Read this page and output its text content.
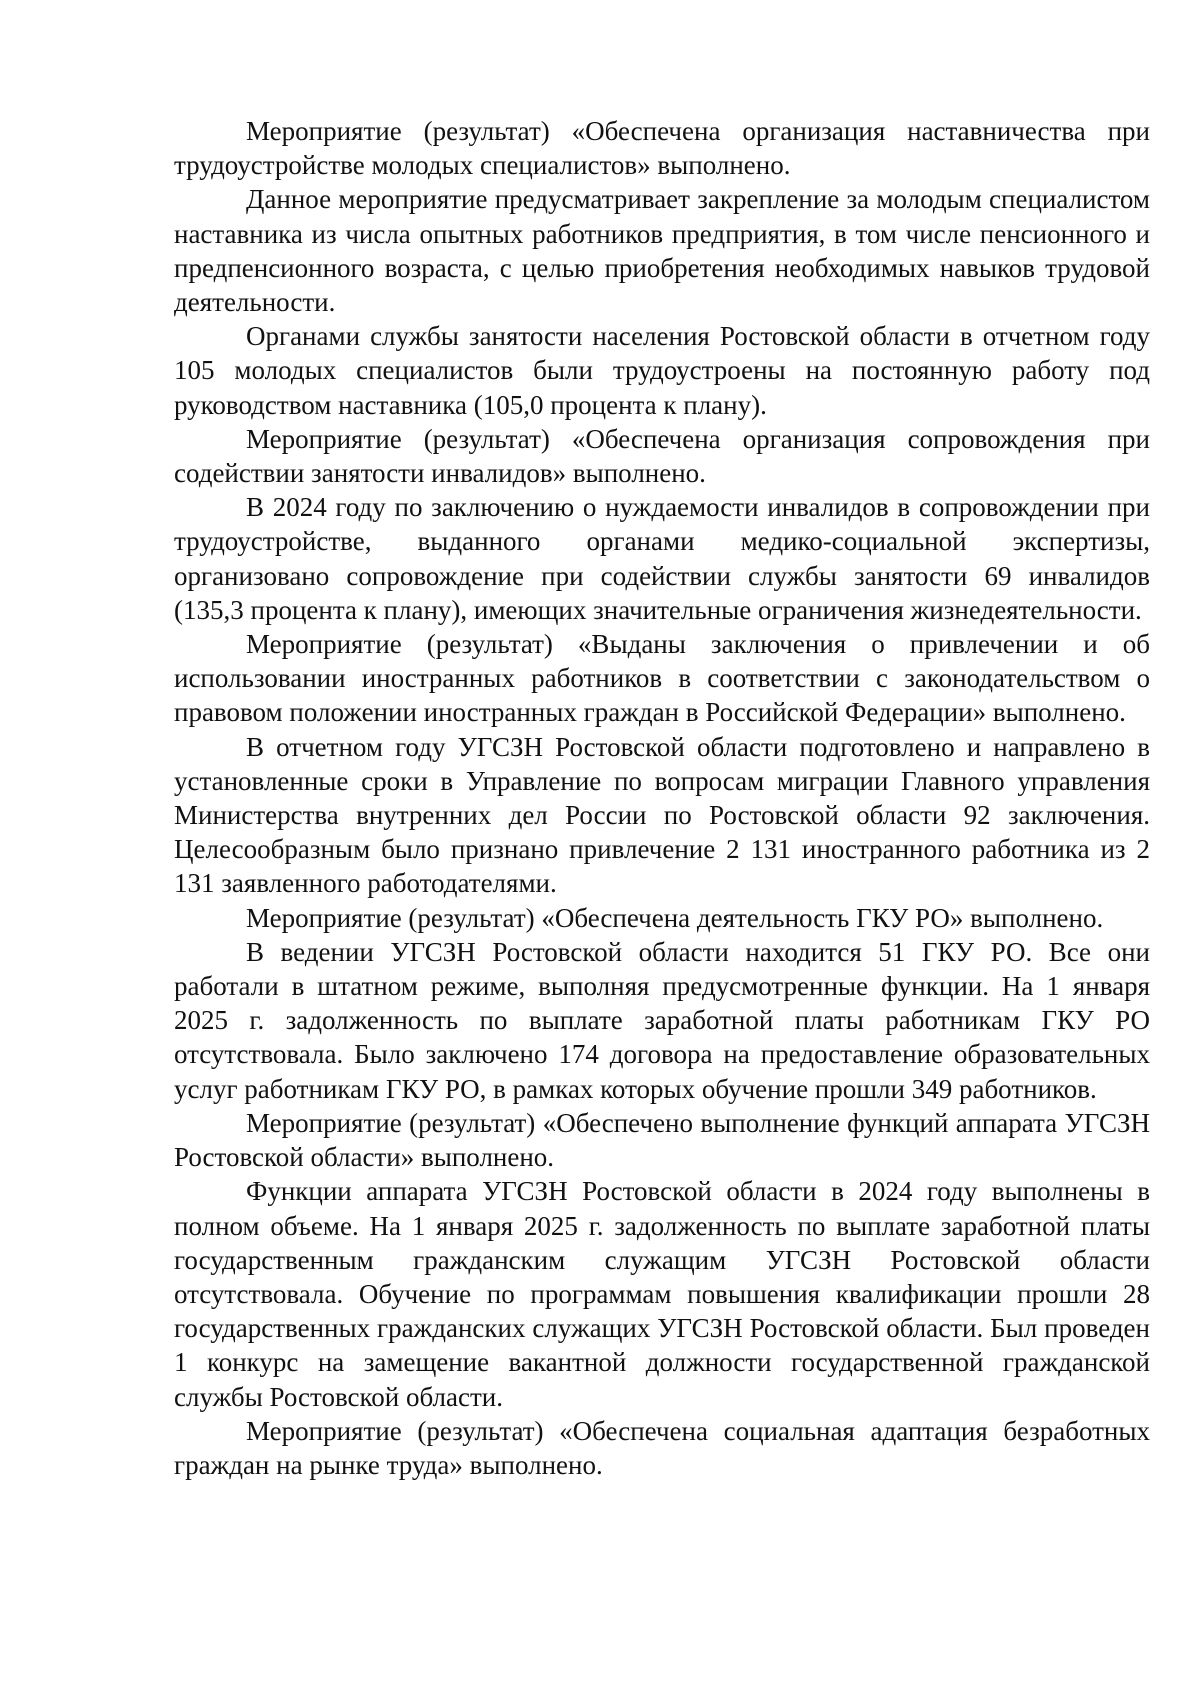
Мероприятие (результат) «Обеспечена организация наставничества при трудоустройстве молодых специалистов» выполнено.

Данное мероприятие предусматривает закрепление за молодым специалистом наставника из числа опытных работников предприятия, в том числе пенсионного и предпенсионного возраста, с целью приобретения необходимых навыков трудовой деятельности.

Органами службы занятости населения Ростовской области в отчетном году 105 молодых специалистов были трудоустроены на постоянную работу под руководством наставника (105,0 процента к плану).

Мероприятие (результат) «Обеспечена организация сопровождения при содействии занятости инвалидов» выполнено.

В 2024 году по заключению о нуждаемости инвалидов в сопровождении при трудоустройстве, выданного органами медико-социальной экспертизы, организовано сопровождение при содействии службы занятости 69 инвалидов (135,3 процента к плану), имеющих значительные ограничения жизнедеятельности.

Мероприятие (результат) «Выданы заключения о привлечении и об использовании иностранных работников в соответствии с законодательством о правовом положении иностранных граждан в Российской Федерации» выполнено.

В отчетном году УГСЗН Ростовской области подготовлено и направлено в установленные сроки в Управление по вопросам миграции Главного управления Министерства внутренних дел России по Ростовской области 92 заключения. Целесообразным было признано привлечение 2 131 иностранного работника из 2 131 заявленного работодателями.

Мероприятие (результат) «Обеспечена деятельность ГКУ РО» выполнено.

В ведении УГСЗН Ростовской области находится 51 ГКУ РО. Все они работали в штатном режиме, выполняя предусмотренные функции. На 1 января 2025 г. задолженность по выплате заработной платы работникам ГКУ РО отсутствовала. Было заключено 174 договора на предоставление образовательных услуг работникам ГКУ РО, в рамках которых обучение прошли 349 работников.

Мероприятие (результат) «Обеспечено выполнение функций аппарата УГСЗН Ростовской области» выполнено.

Функции аппарата УГСЗН Ростовской области в 2024 году выполнены в полном объеме. На 1 января 2025 г. задолженность по выплате заработной платы государственным гражданским служащим УГСЗН Ростовской области отсутствовала. Обучение по программам повышения квалификации прошли 28 государственных гражданских служащих УГСЗН Ростовской области. Был проведен 1 конкурс на замещение вакантной должности государственной гражданской службы Ростовской области.

Мероприятие (результат) «Обеспечена социальная адаптация безработных граждан на рынке труда» выполнено.
